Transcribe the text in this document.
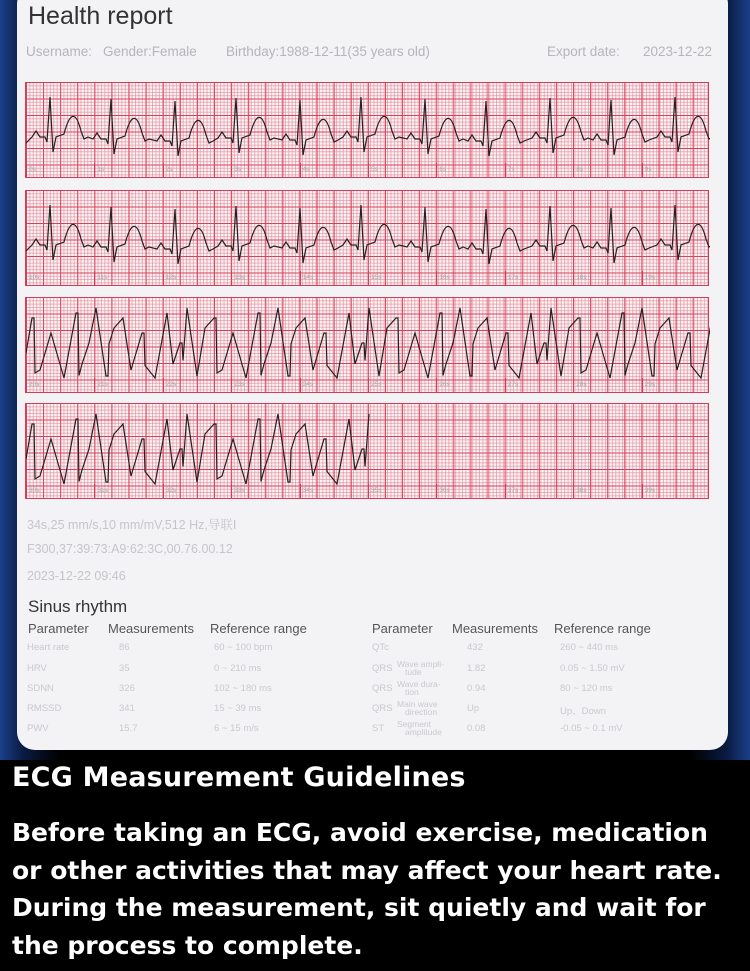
Health report
Username: Gender:Female Birthday:1988-12-11(35 years old)	Export date: 2023-12-22
0s	1s	2s	3s	4s	5s	6s	7s	8s	9s
10s	11s	12s	13s	14s	15s	16s	17s	18s	19s
20s	21s	22s	23s	24s	25s	26s	27s	28s	29s
30s	31s	32s	33s	34s	35s	36s	37s	38s	39s
34s,25 mm/s,10 mm/mV,512 Hz,导联I
F300,37:39:73:A9:62:3C,00.76.00.12
2023-12-22 09:46
Sinus rhythm
Parameter Measurements Reference range	Parameter Measurements Reference range
Heart rate	86	60 ~ 100 bpm
HRV	35	0 ~ 210 ms
SDNN	326	102 ~ 180 ms
RMSSD	341	15 ~ 39 ms
PWV	15.7	6 ~ 15 m/s
QTc	432	260 ~ 440 ms
QRS Wave ampli-
tude	1.82	0.05 ~ 1.50 mV
QRS Wave dura-
tion	0.94	80 ~ 120 ms
QRS Main wave
direction	Up	Up、Down
ST Segment
amplitude	0.08	-0.05 ~ 0.1 mV
ECG Measurement Guidelines
Before taking an ECG, avoid exercise, medication or other activities that may affect your heart rate. During the measurement, sit quietly and wait for the process to complete.
